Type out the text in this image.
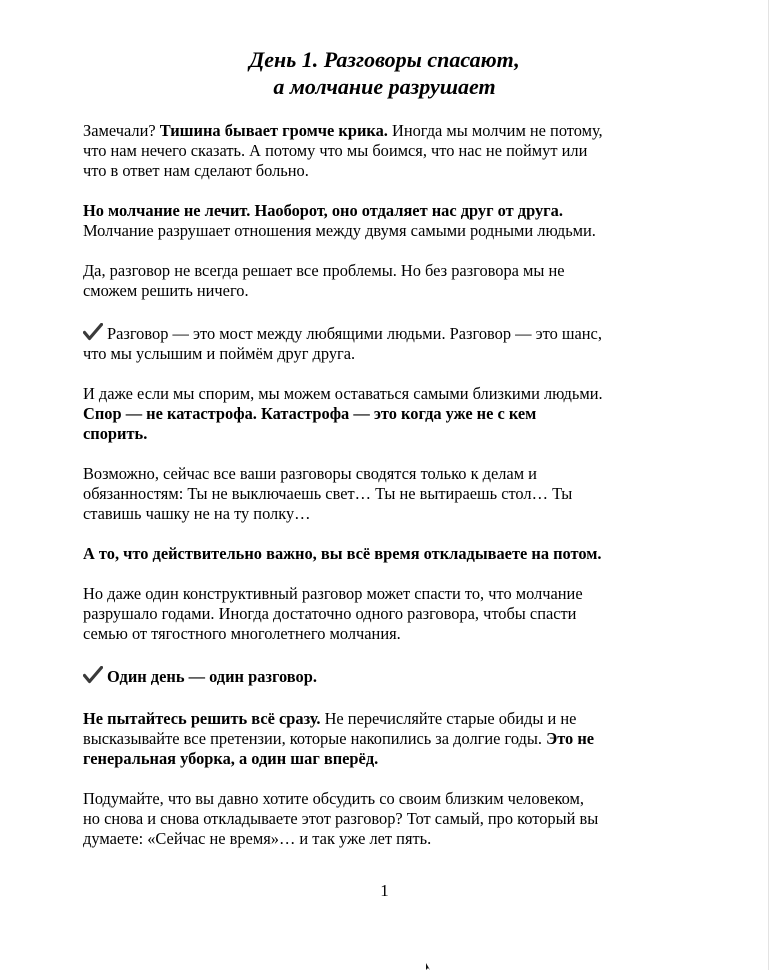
День 1. Разговоры спасают,
а молчание разрушает

Замечали? Тишина бывает громче крика. Иногда мы молчим не потому,
что нам нечего сказать. А потому что мы боимся, что нас не поймут или
что в ответ нам сделают больно.

Но молчание не лечит. Наоборот, оно отдаляет нас друг от друга.
Молчание разрушает отношения между двумя самыми родными людьми.

Да, разговор не всегда решает все проблемы. Но без разговора мы не
сможем решить ничего.

Разговор — это мост между любящими людьми. Разговор — это шанс,
что мы услышим и поймём друг друга.

И даже если мы спорим, мы можем оставаться самыми близкими людьми.
Спор — не катастрофа. Катастрофа — это когда уже не с кем
спорить.

Возможно, сейчас все ваши разговоры сводятся только к делам и
обязанностям: Ты не выключаешь свет… Ты не вытираешь стол… Ты
ставишь чашку не на ту полку…

А то, что действительно важно, вы всё время откладываете на потом.

Но даже один конструктивный разговор может спасти то, что молчание
разрушало годами. Иногда достаточно одного разговора, чтобы спасти
семью от тягостного многолетнего молчания.

Один день — один разговор.

Не пытайтесь решить всё сразу. Не перечисляйте старые обиды и не
высказывайте все претензии, которые накопились за долгие годы. Это не
генеральная уборка, а один шаг вперёд.

Подумайте, что вы давно хотите обсудить со своим близким человеком,
но снова и снова откладываете этот разговор? Тот самый, про который вы
думаете: «Сейчас не время»… и так уже лет пять.

1
